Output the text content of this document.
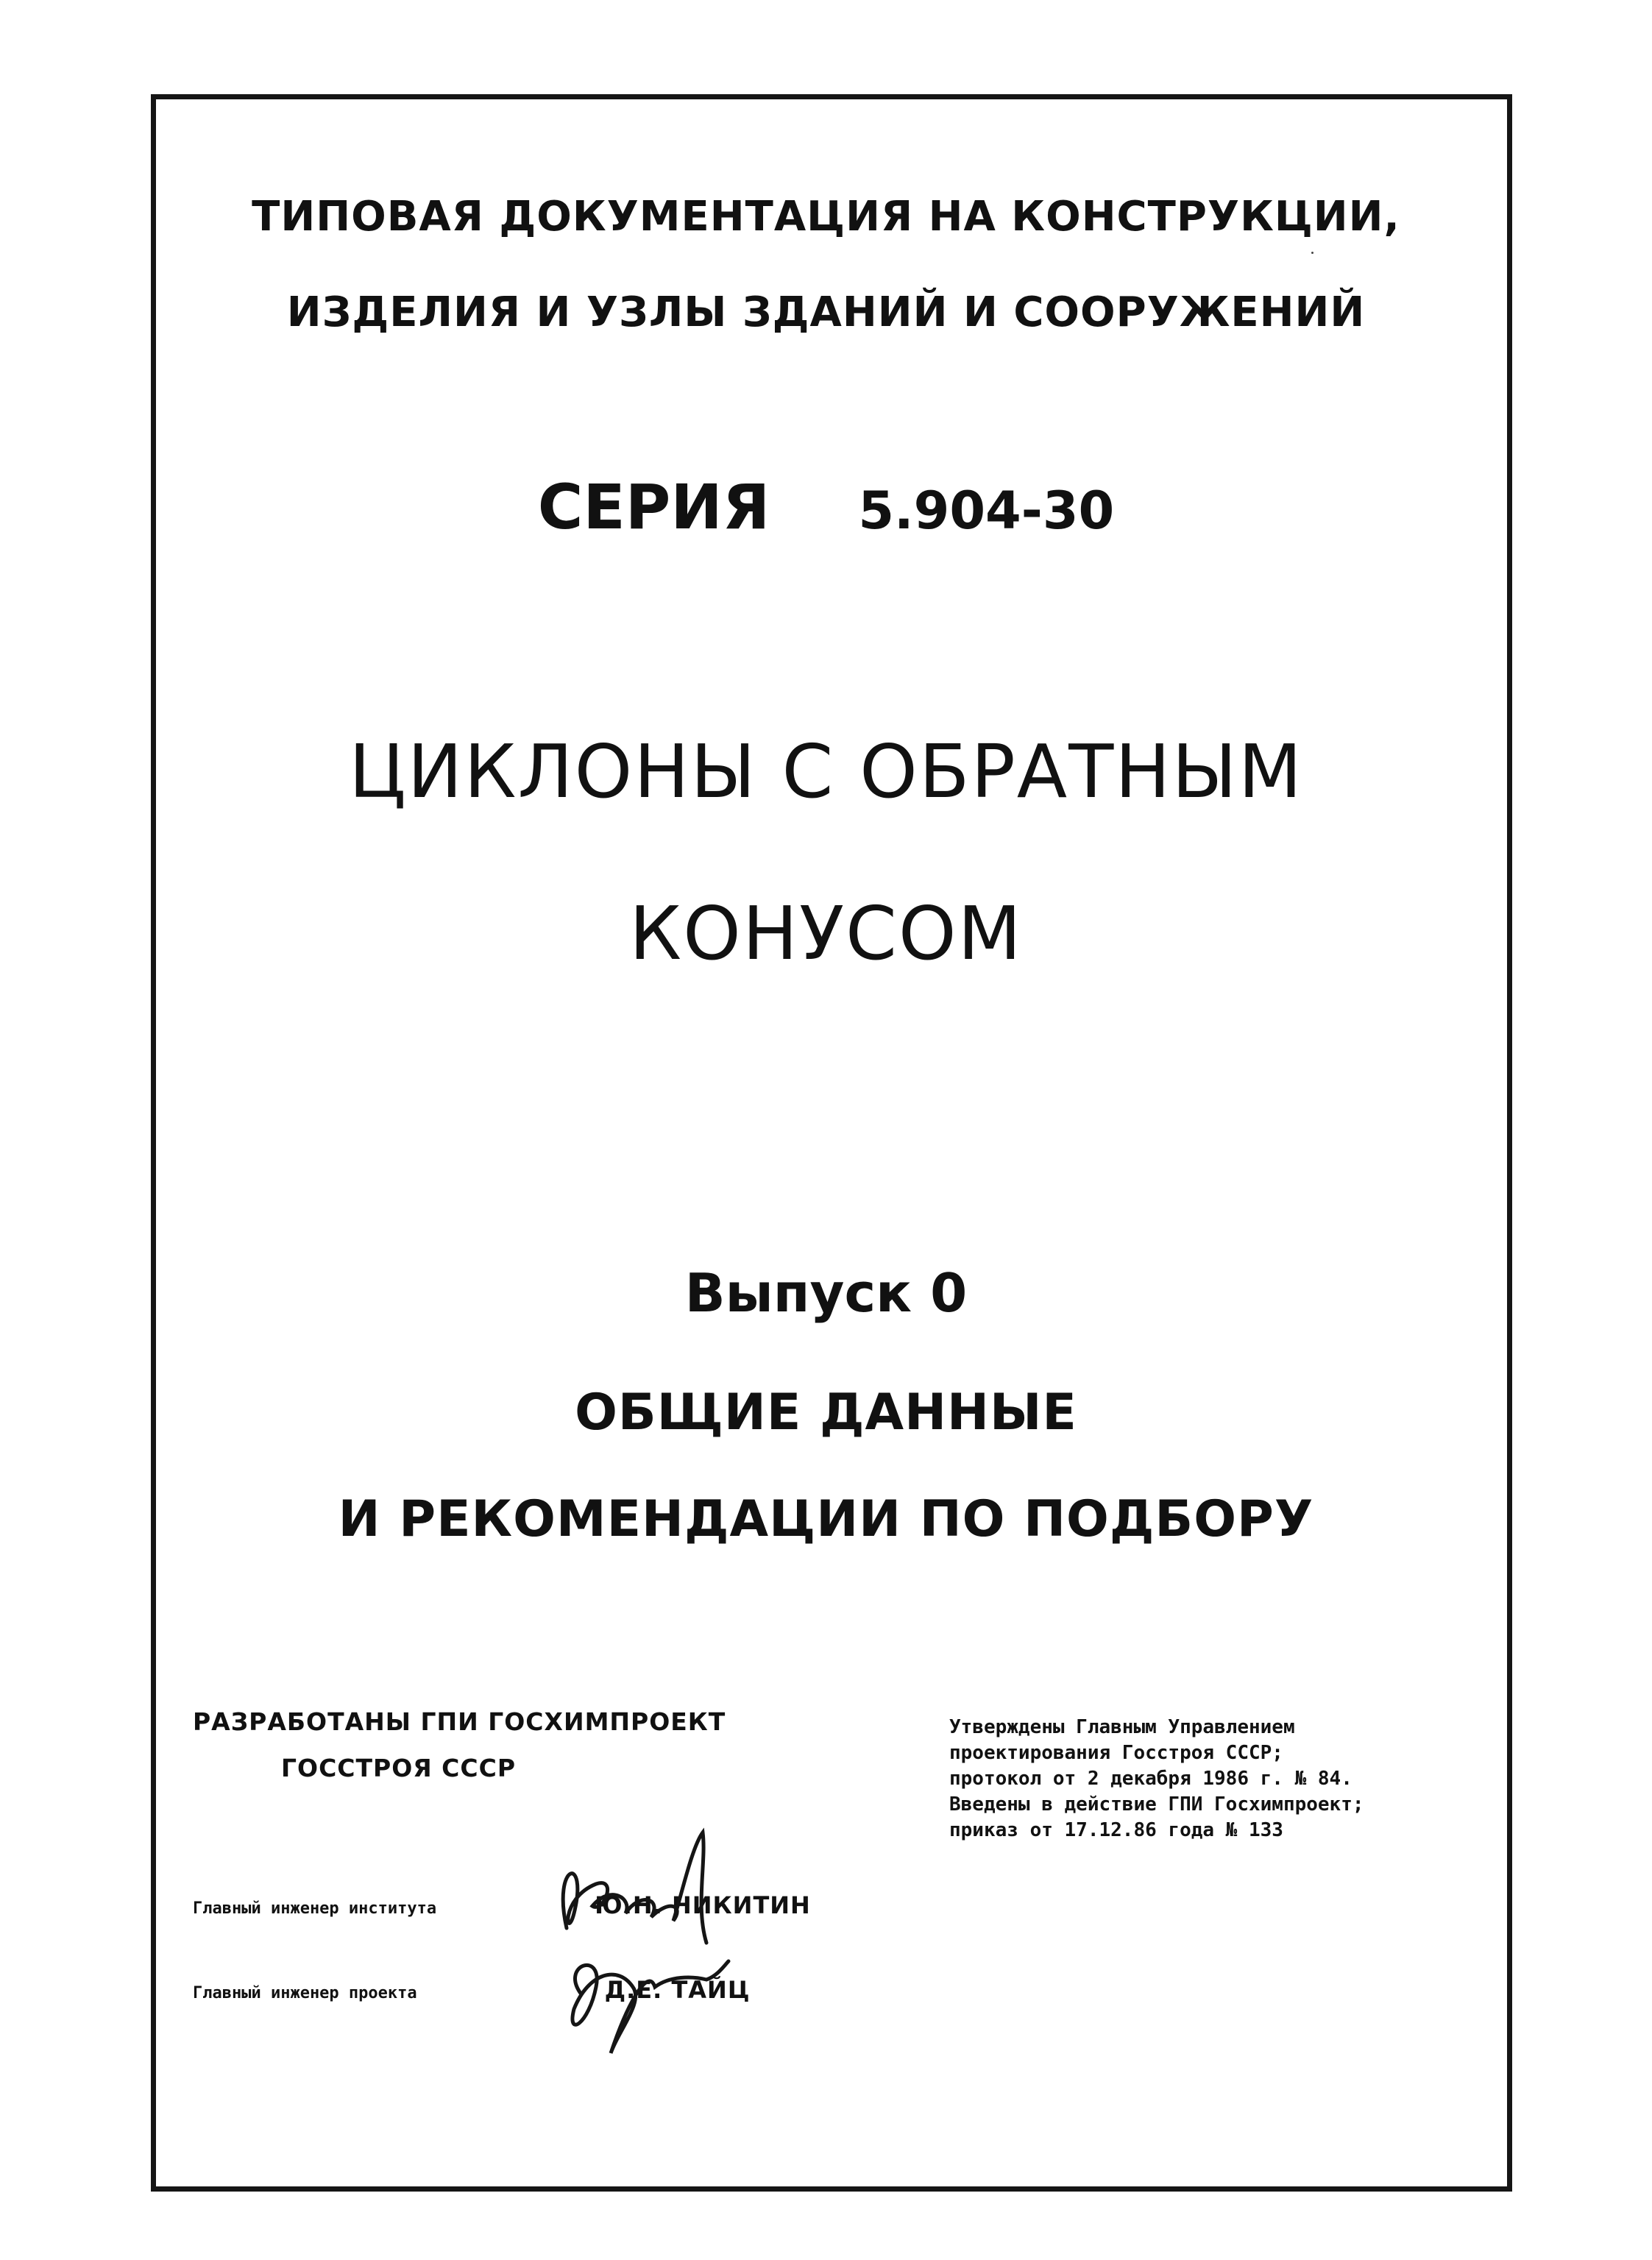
ТИПОВАЯ ДОКУМЕНТАЦИЯ НА КОНСТРУКЦИИ,
ИЗДЕЛИЯ И УЗЛЫ ЗДАНИЙ И СООРУЖЕНИЙ
СЕРИЯ 5.904-30
ЦИКЛОНЫ С ОБРАТНЫМ
КОНУСОМ
Выпуск 0
ОБЩИЕ ДАННЫЕ
И РЕКОМЕНДАЦИИ ПО ПОДБОРУ
РАЗРАБОТАНЫ ГПИ ГОСХИМПРОЕКТ
ГОССТРОЯ СССР
Утверждены Главным Управлением
проектирования Госстроя СССР;
протокол от 2 декабря 1986 г. № 84.
Введены в действие ГПИ Госхимпроект;
приказ от 17.12.86 года № 133
Главный инженер института	Ю.Н. НИКИТИН
Главный инженер проекта	Д.Е. ТАЙЦ
